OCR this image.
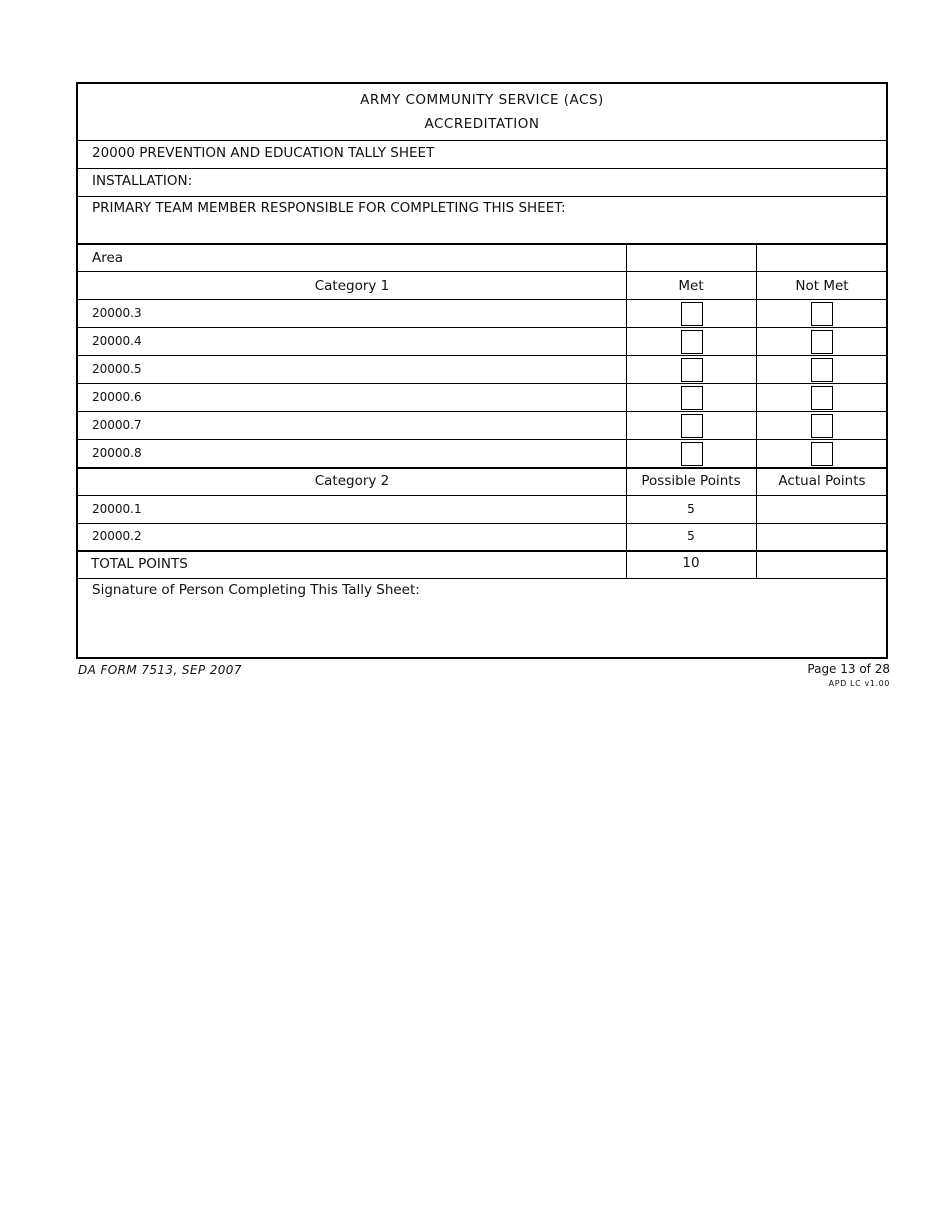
ARMY COMMUNITY SERVICE (ACS)
ACCREDITATION
20000 PREVENTION AND EDUCATION TALLY SHEET
INSTALLATION:
PRIMARY TEAM MEMBER RESPONSIBLE FOR COMPLETING THIS SHEET:
Area
Category 1	Met	Not Met
20000.3
20000.4
20000.5
20000.6
20000.7
20000.8
Category 2	Possible Points	Actual Points
20000.1	5
20000.2	5
TOTAL POINTS	10
Signature of Person Completing This Tally Sheet:
DA FORM 7513, SEP 2007	Page 13 of 28
APD LC v1.00
